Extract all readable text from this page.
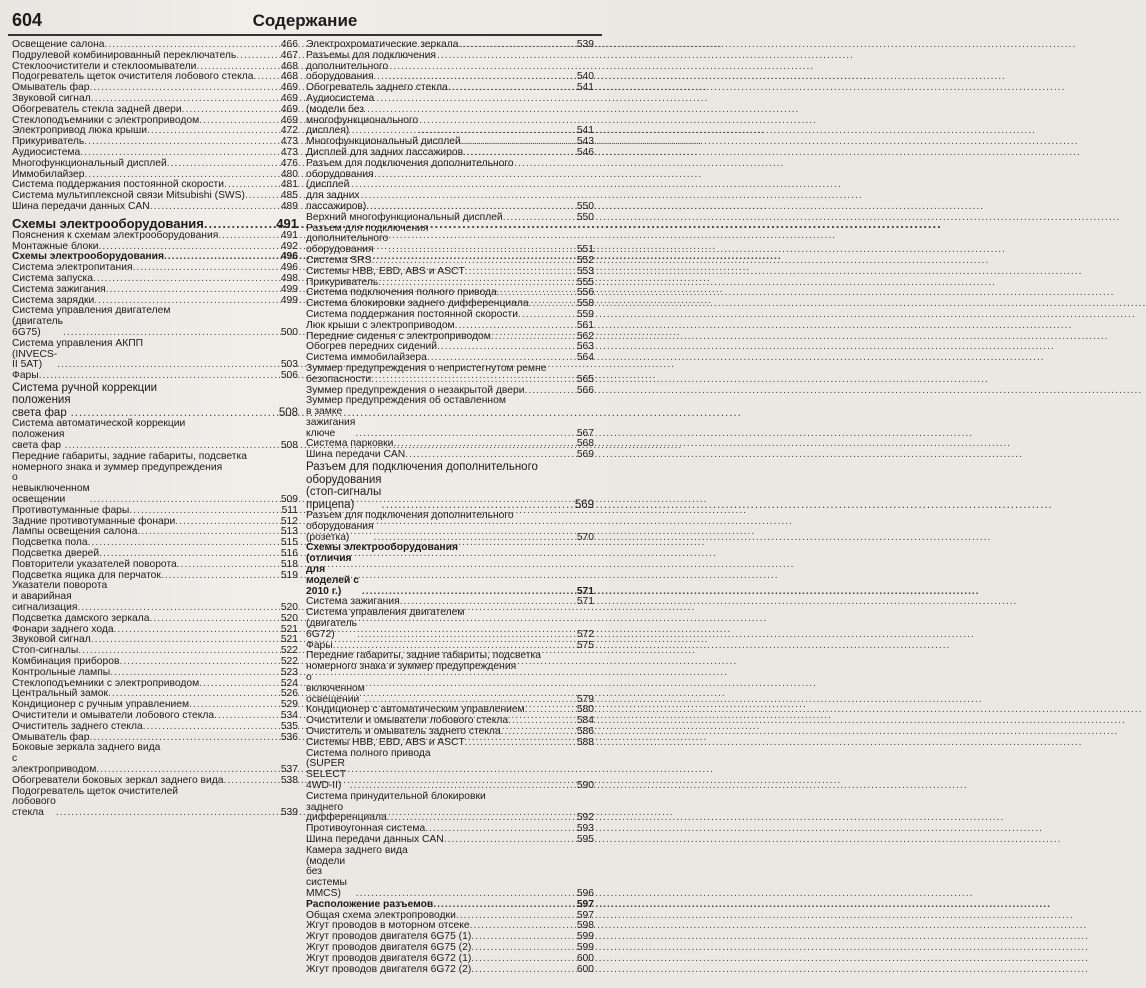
604	Содержание
Освещение салона .....	466
Подрулевой комбинированный переключатель .....	467
Стеклоочистители и стеклоомыватели .....	468
Подогреватель щеток очистителя лобового стекла .....	468
Омыватель фар .....	469
Звуковой сигнал .....	469
Обогреватель стекла задней двери .....	469
Стеклоподъемники с электроприводом .....	469
Электропривод люка крыши .....	472
Прикуриватель .....	473
Аудиосистема .....	473
Многофункциональный дисплей .....	476
Иммобилайзер .....	480
Система поддержания постоянной скорости .....	481
Система мультиплексной связи Mitsubishi (SWS) .....	485
Шина передачи данных CAN .....	489
Схемы электрооборудования .....	491
Пояснения к схемам электрооборудования .....	491
Монтажные блоки .....	492
Схемы электрооборудования .....	496
Система электропитания .....	496
Система запуска .....	498
Система зажигания .....	499
Система зарядки .....	499
Система управления двигателем
(двигатель 6G75) .....	500
Система управления АКПП
(INVECS-II 5AT) .....	503
Фары .....	506
Система ручной коррекции
положения света фар .....	508
Система автоматической коррекции
положения света фар .....	508
Передние габариты, задние габариты, подсветка
номерного знака и зуммер предупреждения
о невыключенном освещении .....	509
Противотуманные фары .....	511
Задние противотуманные фонари .....	512
Лампы освещения салона .....	513
Подсветка пола .....	515
Подсветка дверей .....	516
Повторители указателей поворота .....	518
Подсветка ящика для перчаток .....	519
Указатели поворота
и аварийная сигнализация .....	520
Подсветка дамского зеркала .....	520
Фонари заднего хода .....	521
Звуковой сигнал .....	521
Стоп-сигналы .....	522
Комбинация приборов .....	522
Контрольные лампы .....	523
Стеклоподъемники с электроприводом .....	524
Центральный замок .....	526
Кондиционер с ручным управлением .....	529
Очистители и омыватели лобового стекла .....	534
Очиститель заднего стекла .....	535
Омыватель фар .....	536
Боковые зеркала заднего вида
с электроприводом .....	537
Обогреватели боковых зеркал заднего вида .....	538
Подогреватель щеток очистителей
лобового стекла .....	539
Электрохроматические зеркала .....	539
Разъемы для подключения
дополнительного оборудования .....	540
Обогреватель заднего стекла .....	541
Аудиосистема
(модели без многофункционального дисплея) .....	541
Многофункциональный дисплей .....	543
Дисплей для задних пассажиров .....	546
Разъем для подключения дополнительного
оборудования
(дисплей для задних пассажиров) .....	550
Верхний многофункциональный дисплей .....	550
Разъем для подключения
дополнительного оборудования .....	551
Система SRS .....	552
Системы HBB, EBD, ABS и ASCT .....	553
Прикуриватель .....	555
Система подключения полного привода .....	556
Система блокировки заднего дифференциала .....	558
Система поддержания постоянной скорости .....	559
Люк крыши с электроприводом .....	561
Передние сиденья с электроприводом .....	562
Обогрев передних сидений .....	563
Система иммобилайзера .....	564
Зуммер предупреждения о непристегнутом ремне
безопасности .....	565
Зуммер предупреждения о незакрытой двери .....	566
Зуммер предупреждения об оставленном
в замке зажигания ключе .....	567
Система парковки .....	568
Шина передачи CAN .....	569
Разъем для подключения дополнительного
оборудования (стоп-сигналы прицепа) .....	569
Разъем для подключения дополнительного
оборудования (розетка) .....	570
Схемы электрооборудования
(отличия для моделей с 2010 г.) .....	571
Система зажигания .....	571
Система управления двигателем
(двигатель 6G72) .....	572
Фары .....	575
Передние габариты, задние габариты, подсветка
номерного знака и зуммер предупреждения
о включенном освещении .....	579
Кондиционер с автоматическим управлением .....	580
Очистители и омыватели лобового стекла .....	584
Очиститель и омыватель заднего стекла .....	586
Системы HBB, EBD, ABS и ASCT .....	588
Система полного привода
(SUPER SELECT 4WD-II) .....	590
Система принудительной блокировки
заднего дифференциала .....	592
Противоугонная система .....	593
Шина передачи данных CAN .....	595
Камера заднего вида
(модели без системы MMCS) .....	596
Расположение разъемов .....	597
Общая схема электропроводки .....	597
Жгут проводов в моторном отсеке .....	598
Жгут проводов двигателя 6G75 (1) .....	599
Жгут проводов двигателя 6G75 (2) .....	599
Жгут проводов двигателя 6G72 (1) .....	600
Жгут проводов двигателя 6G72 (2) .....	600
